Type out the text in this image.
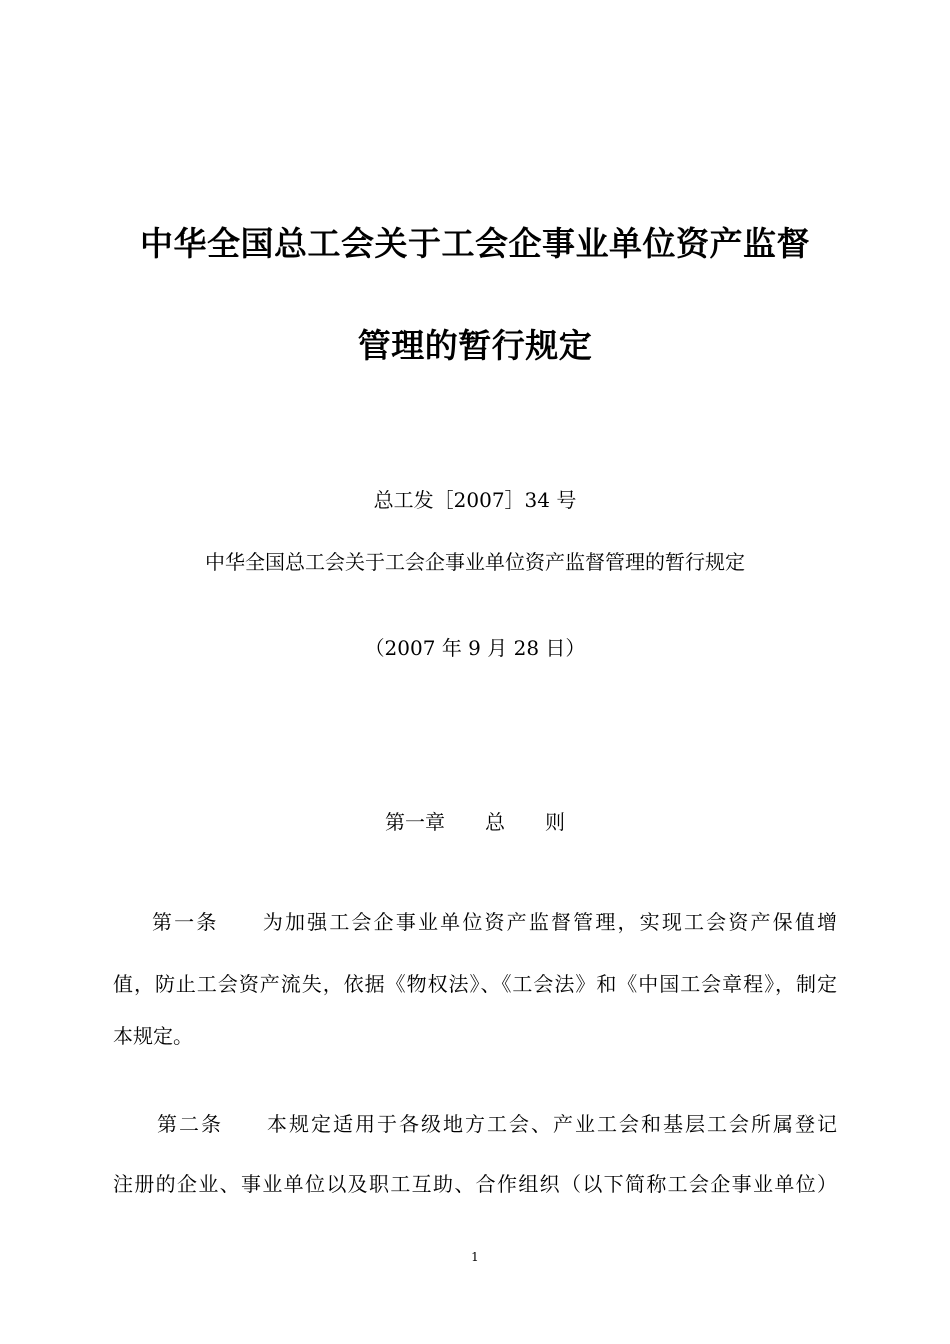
中华全国总工会关于工会企事业单位资产监督
管理的暂行规定
总工发［2007］34 号
中华全国总工会关于工会企事业单位资产监督管理的暂行规定
（2007 年 9 月 28 日）
第一章　　总　　则
第一条　　为加强工会企事业单位资产监督管理，实现工会资产保值增
值，防止工会资产流失，依据《物权法》、《工会法》和《中国工会章程》，制定
本规定。
第二条　　本规定适用于各级地方工会、产业工会和基层工会所属登记
注册的企业、事业单位以及职工互助、合作组织（以下简称工会企事业单位）
1
